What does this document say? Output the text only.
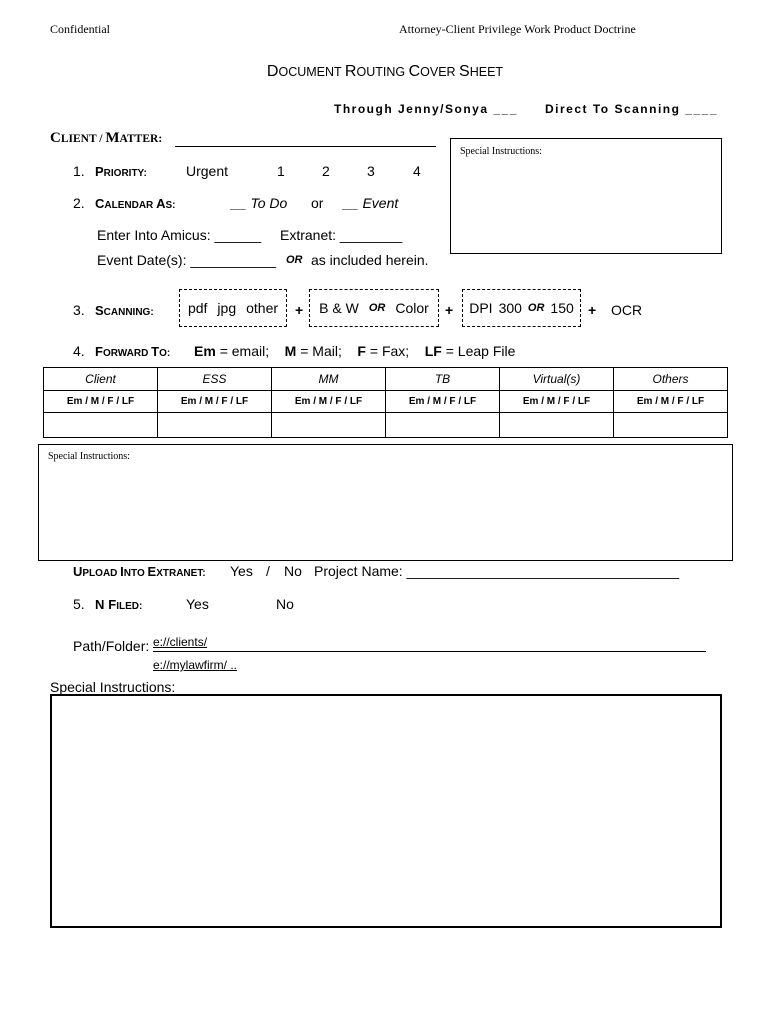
Confidential	Attorney-Client Privilege Work Product Doctrine
DOCUMENT ROUTING COVER SHEET
Through Jenny/Sonya ___ Direct To Scanning ____
CLIENT / MATTER:
Special Instructions:
1. PRIORITY:	Urgent	1	2	3	4
2. CALENDAR AS:	__ To Do or __ Event
Enter Into Amicus: ______ Extranet: ________
Event Date(s): ___________ OR as included herein.
3. SCANNING: pdf jpg other + B & W OR Color + DPI 300 OR 150 + OCR
4. FORWARD TO: Em = email; M = Mail; F = Fax; LF = Leap File
Client	ESS	MM	TB	Virtual(s)	Others
Em / M / F / LF	Em / M / F / LF	Em / M / F / LF	Em / M / F / LF	Em / M / F / LF	Em / M / F / LF

Special Instructions:
UPLOAD INTO EXTRANET: Yes / No Project Name: ___________________________________
5. N FILED:	Yes	No
Path/Folder: e://clients/
e://mylawfirm/ ..
Special Instructions:
